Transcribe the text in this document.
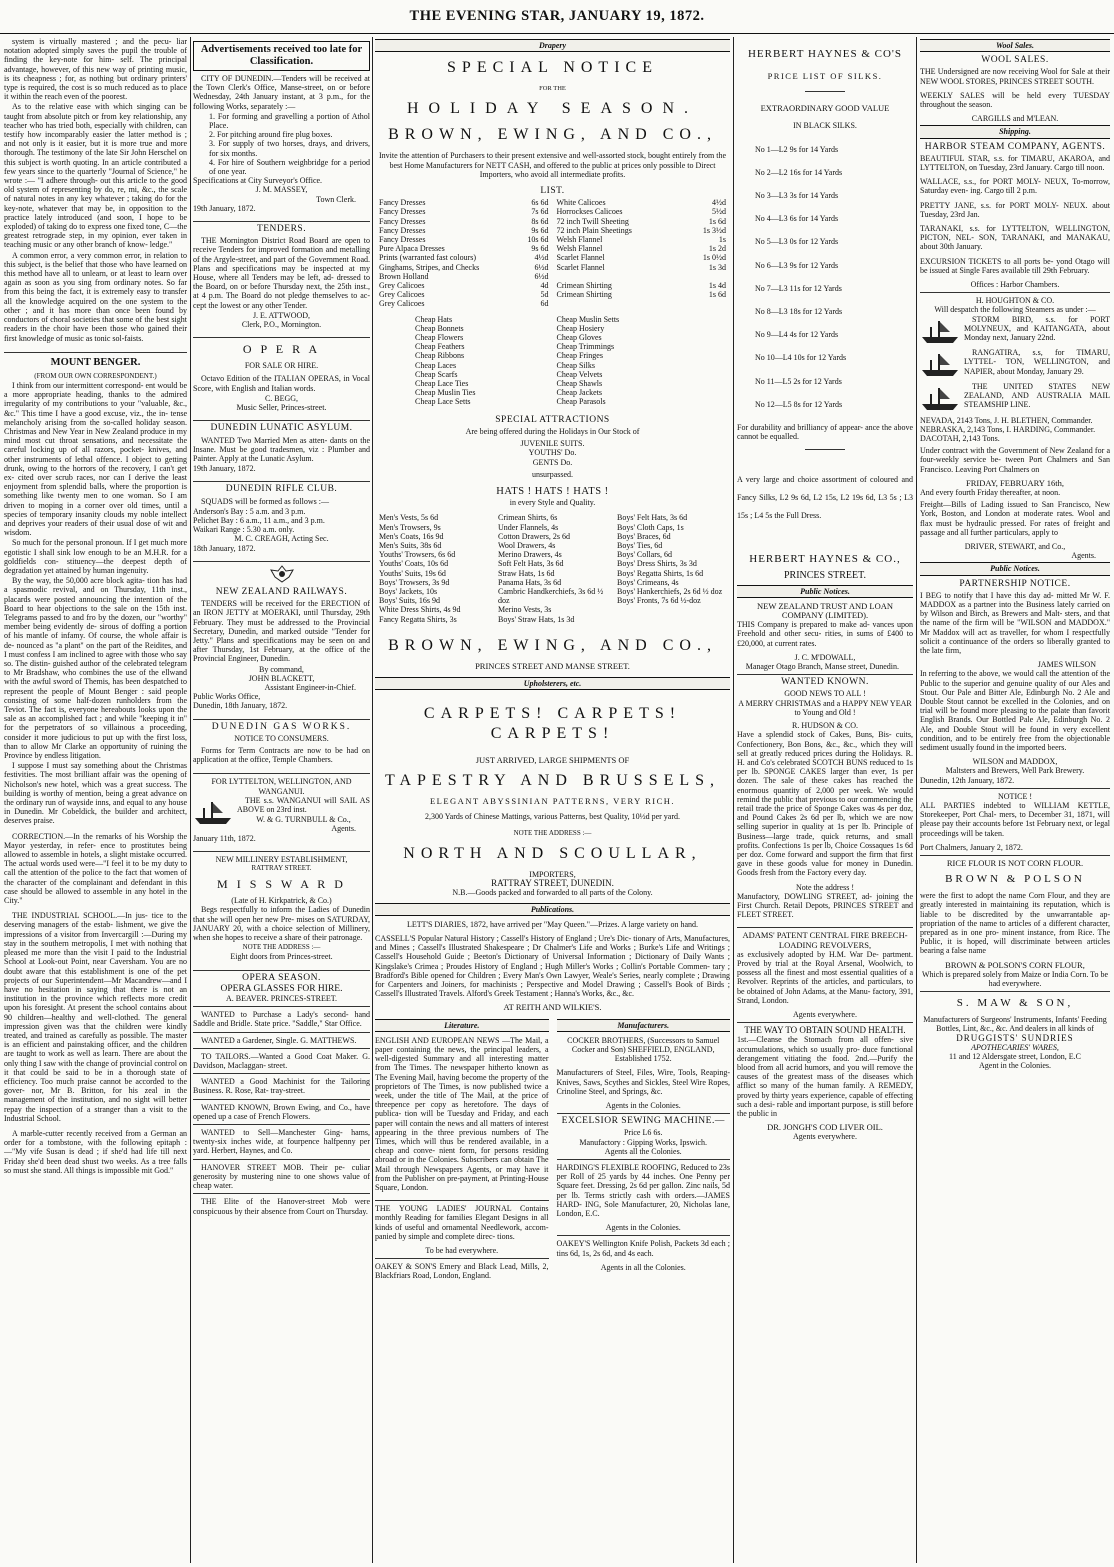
THE EVENING STAR, JANUARY 19, 1872.

system is virtually mastered ; and the pecu- liar notation adopted simply saves the pupil the trouble of finding the key-note for him- self. The principal advantage, however, of this new way of printing music, is its cheapness ; for, as nothing but ordinary printers' type is required, the cost is so much reduced as to place it within the reach even of the poorest.

As to the relative ease with which singing can be taught from absolute pitch or from key relationship, any teacher who has tried both, especially with children, can testify how incomparably easier the latter method is ; and not only is it easier, but it is more true and more thorough. The testimony of the late Sir John Herschel on this subject is worth quoting. In an article contributed a few years since to the quarterly "Journal of Science," he wrote :— "I adhere through- out this article to the good old system of representing by do, re, mi, &c., the scale of natural notes in any key whatever ; taking do for the key-note, whatever that may be, in opposition to the practice lately introduced (and soon, I hope to be exploded) of taking do to express one fixed tone, C—the greatest retrograde step, in my opinion, ever taken in teaching music or any other branch of know- ledge."

A common error, a very common error, in relation to this subject, is the belief that those who have learned on this method have all to unlearn, or at least to learn over again as soon as you sing from ordinary notes. So far from this being the fact, it is extremely easy to transfer all the knowledge acquired on the one system to the other ; and it has more than once been found by conductors of choral societies that some of the best sight readers in the choir have been those who gained their first knowledge of music as tonic sol-faists.

MOUNT BENGER.
(FROM OUR OWN CORRESPONDENT.)

I think from our intermittent correspond- ent would be a more appropriate heading, thanks to the admired irregularity of my contributions to your "valuable, &c., &c." This time I have a good excuse, viz., the in- tense melancholy arising from the so-called holiday season. Christmas and New Year in New Zealand produce in my mind most cut throat sensations, and necessitate the careful locking up of all razors, pocket- knives, and other instruments of lethal offence. I object to getting drunk, owing to the horrors of the recovery, I can't get ex- cited over scrub races, nor can I derive the least enjoyment from splendid balls, where the proportion is something like twenty men to one woman. So I am driven to moping in a corner over old times, until a species of temporary insanity clouds my noble intellect and deprives your readers of their usual dose of wit and wisdom.

So much for the personal pronoun. If I get much more egotistic I shall sink low enough to be an M.H.R. for a goldfields con- stituency—the deepest depth of degradation yet attained by human ingenuity.

By the way, the 50,000 acre block agita- tion has had a spasmodic revival, and on Thursday, 11th inst., placards were posted announcing the intention of the Board to hear objections to the sale on the 15th inst. Telegrams passed to and fro by the dozen, our "worthy" member being evidently de- sirous of doffing a portion of his mantle of infamy. Of course, the whole affair is de- nounced as "a plant" on the part of the Reidites, and I must confess I am inclined to agree with those who say so. The distin- guished author of the celebrated telegram to Mr Bradshaw, who combines the use of the ellwand with the awful sword of Themis, has been despatched to represent the people of Mount Benger : said people consisting of some half-dozen runholders from the Teviot. The fact is, everyone hereabouts looks upon the sale as an accomplished fact ; and while "keeping it in" for the perpetrators of so villainous a proceeding, consider it more judicious to put up with the first loss, than to allow Mr Clarke an opportunity of ruining the Province by endless litigation.

I suppose I must say something about the Christmas festivities. The most brilliant affair was the opening of Nicholson's new hotel, which was a great success. The building is worthy of mention, being a great advance on the ordinary run of wayside inns, and equal to any house in Dunedin. Mr Cobeldick, the builder and architect, deserves praise.

CORRECTION.—In the remarks of his Worship the Mayor yesterday, in refer- ence to prostitutes being allowed to assemble in hotels, a slight mistake occurred. The actual words used were—"I feel it to be my duty to call the attention of the police to the fact that women of the character of the complainant and defendant in this case should be allowed to assemble in any hotel in the City."

THE INDUSTRIAL SCHOOL.—In jus- tice to the deserving managers of the estab- lishment, we give the impressions of a visitor from Invercargill :—During my stay in the southern metropolis, I met with nothing that pleased me more than the visit I paid to the Industrial School at Look-out Point, near Caversham. You are no doubt aware that this establishment is one of the pet projects of our Superintendent—Mr Macandrew—and I have no hesitation in saying that there is not an institution in the province which reflects more credit upon his foresight. At present the school contains about 90 children—healthy and well-clothed. The general impression given was that the children were kindly treated, and trained as carefully as possible. The master is an efficient and painstaking officer, and the children are taught to work as well as learn. There are about the only thing I saw with the change of provincial control on it that could be said to be in a thorough state of efficiency. Too much praise cannot be accorded to the gover- nor, Mr B. Britton, for his zeal in the management of the institution, and no sight will better repay the inspection of a stranger than a visit to the Industrial School.

A marble-cutter recently received from a German an order for a tombstone, with the following epitaph :—"My vife Susan is dead ; if she'd had life till next Friday she'd been dead shust two weeks. As a tree falls so must she stand. All things is impossible mit God."

Advertisements received too late for Classification.

CITY OF DUNEDIN.—Tenders will be received at the Town Clerk's Office, Manse-street, on or before Wednesday, 24th January instant, at 3 p.m., for the following Works, separately :—

1. For forming and gravelling a portion of Athol Place.
2. For pitching around fire plug boxes.
3. For supply of two horses, drays, and drivers, for six months.
4. For hire of Southern weighbridge for a period of one year.
Specifications at City Surveyor's Office.
J. M. MASSEY,
Town Clerk.
19th January, 1872.
TENDERS.

THE Mornington District Road Board are open to receive Tenders for improved formation and metalling of the Argyle-street, and part of the Government Road. Plans and specifications may be inspected at my House, where all Tenders may be left, ad- dressed to the Board, on or before Thursday next, the 25th inst., at 4 p.m. The Board do not pledge themselves to ac- cept the lowest or any other Tender.

J. E. ATTWOOD,
Clerk, P.O., Mornington.
O P E R A
FOR SALE OR HIRE.

Octavo Edition of the ITALIAN OPERAS, in Vocal Score, with English and Italian words.

C. BEGG,
Music Seller, Princes-street.
DUNEDIN LUNATIC ASYLUM.

WANTED Two Married Men as atten- dants on the Insane. Must be good tradesmen, viz : Plumber and Painter. Apply at the Lunatic Asylum.

19th January, 1872.
DUNEDIN RIFLE CLUB.

SQUADS will be formed as follows :—

Anderson's Bay : 5 a.m. and 3 p.m.
Pelichet Bay : 6 a.m., 11 a.m., and 3 p.m.
Waikari Range : 5.30 a.m. only.
M. C. CREAGH, Acting Sec.
18th January, 1872.
NEW ZEALAND RAILWAYS.

TENDERS will be received for the ERECTION of an IRON JETTY at MOERAKI, until Thursday, 29th February. They must be addressed to the Provincial Secretary, Dunedin, and marked outside "Tender for Jetty." Plans and specifications may be seen on and after Thursday, 1st February, at the office of the Provincial Engineer, Dunedin.

By command,
JOHN BLACKETT,
Assistant Engineer-in-Chief.
Public Works Office,
Dunedin, 18th January, 1872.
DUNEDIN GAS WORKS.
NOTICE TO CONSUMERS.

Forms for Term Contracts are now to be had on application at the office, Temple Chambers.

FOR LYTTELTON, WELLINGTON, AND WANGANUI.

THE s.s. WANGANUI will SAIL AS ABOVE on 23rd inst.

W. & G. TURNBULL & Co.,
Agents.
January 11th, 1872.
NEW MILLINERY ESTABLISHMENT,
RATTRAY STREET.
M I S S W A R D
(Late of H. Kirkpatrick, & Co.)

Begs respectfully to inform the Ladies of Dunedin that she will open her new Pre- mises on SATURDAY, JANUARY 20, with a choice selection of Millinery, when she hopes to receive a share of their patronage.

NOTE THE ADDRESS :—
Eight doors from Princes-street.
OPERA SEASON.
OPERA GLASSES FOR HIRE.
A. BEAVER. PRINCES-STREET.

WANTED to Purchase a Lady's second- hand Saddle and Bridle. State price. "Saddle," Star Office.

WANTED a Gardener, Single. G. MATTHEWS.

TO TAILORS.—Wanted a Good Coat Maker. G. Davidson, Maclaggan- street.

WANTED a Good Machinist for the Tailoring Business. R. Rose, Rat- tray-street.

WANTED KNOWN, Brown Ewing, and Co., have opened up a case of French Flowers.

WANTED to Sell—Manchester Ging- hams, twenty-six inches wide, at fourpence halfpenny per yard. Herbert, Haynes, and Co.

HANOVER STREET MOB. Their pe- culiar generosity by mustering nine to one shows value of cheap water.

THE Elite of the Hanover-street Mob were conspicuous by their absence from Court on Thursday.

Drapery
SPECIAL NOTICE
FOR THE
HOLIDAY SEASON.
BROWN, EWING, AND CO.,
Invite the attention of Purchasers to their present extensive and well-assorted stock, bought entirely from the best Home Manufacturers for NETT CASH, and offered to the public at prices only possible to Direct Importers, who avoid all intermediate profits.
LIST.
Fancy Dresses	6s 6d
Fancy Dresses	7s 6d
Fancy Dresses	8s 6d
Fancy Dresses	9s 6d
Fancy Dresses	10s 6d
Pure Alpaca Dresses	9s 6d
Prints (warranted fast colours)	4½d
Ginghams, Stripes, and Checks	6½d
Brown Holland	6½d
Grey Calicoes	4d
Grey Calicoes	5d
Grey Calicoes	6d
White Calicoes	4½d
Horrockses Calicoes	5½d
72 inch Twill Sheeting	1s 6d
72 inch Plain Sheetings	1s 3½d
Welsh Flannel	1s
Welsh Flannel	1s 2d
Scarlet Flannel	1s 0½d
Scarlet Flannel	1s 3d

Crimean Shirting	1s 4d
Crimean Shirting	1s 6d

Cheap Hats
Cheap Bonnets
Cheap Flowers
Cheap Feathers
Cheap Ribbons
Cheap Laces
Cheap Scarfs
Cheap Lace Ties
Cheap Muslin Ties
Cheap Lace Setts
Cheap Muslin Setts
Cheap Hosiery
Cheap Gloves
Cheap Trimmings
Cheap Fringes
Cheap Silks
Cheap Velvets
Cheap Shawls
Cheap Jackets
Cheap Parasols
SPECIAL ATTRACTIONS
Are being offered during the Holidays in Our Stock of
JUVENILE SUITS.
YOUTHS' Do.
GENTS Do.
unsurpassed.
HATS ! HATS ! HATS !
in every Style and Quality.
Men's Vests, 5s 6d
Men's Trowsers, 9s
Men's Coats, 16s 9d
Men's Suits, 38s 6d
Youths' Trowsers, 6s 6d
Youths' Coats, 10s 6d
Youths' Suits, 19s 6d
Boys' Trowsers, 3s 9d
Boys' Jackets, 10s
Boys' Suits, 16s 9d
White Dress Shirts, 4s 9d
Fancy Regatta Shirts, 3s
Crimean Shirts, 6s
Under Flannels, 4s
Cotton Drawers, 2s 6d
Wool Drawers, 4s
Merino Drawers, 4s
Soft Felt Hats, 3s 6d
Straw Hats, 1s 6d
Panama Hats, 3s 6d
Cambric Handkerchiefs, 3s 6d ½ doz
Merino Vests, 3s
Boys' Straw Hats, 1s 3d
Boys' Felt Hats, 3s 6d
Boys' Cloth Caps, 1s
Boys' Braces, 6d
Boys' Ties, 6d
Boys' Collars, 6d
Boys' Dress Shirts, 3s 3d
Boys' Regatta Shirts, 1s 6d
Boys' Crimeans, 4s
Boys' Hankerchiefs, 2s 6d ½ doz
Boys' Fronts, 7s 6d ½-doz
BROWN, EWING, AND CO.,
PRINCES STREET AND MANSE STREET.
Upholsterers, etc.
CARPETS! CARPETS! CARPETS!
JUST ARRIVED, LARGE SHIPMENTS OF
TAPESTRY AND BRUSSELS,
ELEGANT ABYSSINIAN PATTERNS, VERY RICH.
2,300 Yards of Chinese Mattings, various Patterns, best Quality, 10½d per yard.
NOTE THE ADDRESS :—
NORTH AND SCOULLAR,
IMPORTERS,
RATTRAY STREET, DUNEDIN.
N.B.—Goods packed and forwarded to all parts of the Colony.
Publications.
LETT'S DIARIES, 1872, have arrived per "May Queen."—Prizes. A large variety on hand.
CASSELL'S Popular Natural History ; Cassell's History of England ; Ure's Dic- tionary of Arts, Manufactures, and Mines ; Cassell's Illustrated Shakespeare ; Dr Chalmer's Life and Works ; Burke's Life and Writings ; Cassell's Household Guide ; Beeton's Dictionary of Universal Information ; Dictionary of Daily Wants ; Kingslake's Crimea ; Proudes History of England ; Hugh Miller's Works ; Collin's Portable Commen- tary ; Bradford's Bible opened for Children ; Every Man's Own Lawyer, Weale's Series, nearly complete ; Drawing for Carpenters and Joiners, for machinists ; Perspective and Model Drawing ; Cassell's Book of Birds ; Cassell's Illustrated Travels. Alford's Greek Testament ; Hanna's Works, &c., &c.
AT REITH AND WILKIE'S.
Literature.
ENGLISH AND EUROPEAN NEWS —The Mail, a paper containing the news, the principal leaders, a well-digested Summary and all interesting matter from The Times. The newspaper hitherto known as The Evening Mail, having become the property of the proprietors of The Times, is now published twice a week, under the title of The Mail, at the price of threepence per copy as heretofore. The days of publica- tion will be Tuesday and Friday, and each paper will contain the news and all matters of interest appearing in the three previous numbers of The Times, which will thus be rendered available, in a cheap and conve- nient form, for persons residing abroad or in the Colonies. Subscribers can obtain The Mail through Newspapers Agents, or may have it from the Publisher on pre-payment, at Printing-House Square, London.
THE YOUNG LADIES' JOURNAL Contains monthly Reading for families Elegant Designs in all kinds of useful and ornamental Needlework, accom- panied by simple and complete direc- tions.
To be had everywhere.
OAKEY & SON'S Emery and Black Lead, Mills, 2, Blackfriars Road, London, England.
Manufacturers.
COCKER BROTHERS, (Successors to Samuel Cocker and Son) SHEFFIELD, ENGLAND, Established 1752.
Manufacturers of Steel, Files, Wire, Tools, Reaping-Knives, Saws, Scythes and Sickles, Steel Wire Ropes, Crinoline Steel, and Springs, &c.
Agents in the Colonies.
EXCELSIOR SEWING MACHINE.—
Price L6 6s.
Manufactory : Gipping Works, Ipswich.
Agents all the Colonies.
HARDING'S FLEXIBLE ROOFING, Reduced to 23s per Roll of 25 yards by 44 inches. One Penny per Square feet. Dressing, 2s 6d per gallon. Zinc nails, 5d per lb. Terms strictly cash with orders.—JAMES HARD- ING, Sole Manufacturer, 20, Nicholas lane, London, E.C.
Agents in the Colonies.
OAKEY'S Wellington Knife Polish, Packets 3d each ; tins 6d, 1s, 2s 6d, and 4s each.
Agents in all the Colonies.
HERBERT HAYNES & CO'S
PRICE LIST OF SILKS.
EXTRAORDINARY GOOD VALUE
IN BLACK SILKS.
No 1—L2 9s for 14 Yards
No 2—L2 16s for 14 Yards
No 3—L3 3s for 14 Yards
No 4—L3 6s for 14 Yards
No 5—L3 0s for 12 Yards
No 6—L3 9s for 12 Yards
No 7—L3 11s for 12 Yards
No 8—L3 18s for 12 Yards
No 9—L4 4s for 12 Yards
No 10—L4 10s for 12 Yards
No 11—L5 2s for 12 Yards
No 12—L5 8s for 12 Yards
For durability and brilliancy of appear- ance the above cannot be equalled.
A very large and choice assortment of coloured and Fancy Silks, L2 9s 6d, L2 15s, L2 19s 6d, L3 5s ; L3 15s ; L4 5s the Full Dress.
HERBERT HAYNES & CO.,
PRINCES STREET.
Public Notices.
NEW ZEALAND TRUST AND LOAN COMPANY (LIMITED).
THIS Company is prepared to make ad- vances upon Freehold and other secu- rities, in sums of £400 to £20,000, at current rates.
J. C. M'DOWALL,
Manager Otago Branch, Manse street, Dunedin.
WANTED KNOWN.
GOOD NEWS TO ALL !
A MERRY CHRISTMAS and a HAPPY NEW YEAR to Young and Old !
R. HUDSON & CO.
Have a splendid stock of Cakes, Buns, Bis- cuits, Confectionery, Bon Bons, &c., &c., which they will sell at greatly reduced prices during the Holidays. R. H. and Co's celebrated SCOTCH BUNS reduced to 1s per lb. SPONGE CAKES larger than ever, 1s per dozen. The sale of these cakes has reached the enormous quantity of 2,000 per week. We would remind the public that previous to our commencing the retail trade the price of Sponge Cakes was 4s per doz, and Pound Cakes 2s 6d per lb, which we are now selling superior in quality at 1s per lb. Principle of Business—large trade, quick returns, and small profits. Confections 1s per lb, Choice Cossaques 1s 6d per doz. Come forward and support the firm that first gave in these goods value for money in Dunedin. Goods fresh from the Factory every day.
Note the address !
Manufactory, DOWLING STREET, ad- joining the First Church. Retail Depots, PRINCES STREET and FLEET STREET.
ADAMS' PATENT CENTRAL FIRE BREECH-LOADING REVOLVERS,
as exclusively adopted by H.M. War De- partment. Proved by trial at the Royal Arsenal, Woolwich, to possess all the finest and most essential qualities of a Revolver. Reprints of the articles, and particulars, to be obtained of John Adams, at the Manu- factory, 391, Strand, London.
Agents everywhere.
THE WAY TO OBTAIN SOUND HEALTH.
1st.—Cleanse the Stomach from all offen- sive accumulations, which so usually pro- duce functional derangement vitiating the food. 2nd.—Purify the blood from all acrid humors, and you will remove the causes of the greatest mass of the diseases which afflict so many of the human family. A REMEDY, proved by thirty years experience, capable of effecting such a desi- rable and important purpose, is still before the public in
DR. JONGH'S COD LIVER OIL.
Agents everywhere.
Wool Sales.
WOOL SALES.
THE Undersigned are now receiving Wool for Sale at their NEW WOOL STORES, PRINCES STREET SOUTH.
WEEKLY SALES will be held every TUESDAY throughout the season.
CARGILLS and M'LEAN.
Shipping.
HARBOR STEAM COMPANY, AGENTS.
BEAUTIFUL STAR, s.s. for TIMARU, AKAROA, and LYTTELTON, on Tuesday, 23rd January. Cargo till noon.
WALLACE, s.s., for PORT MOLY- NEUX, To-morrow, Saturday even- ing. Cargo till 2 p.m.
PRETTY JANE, s.s. for PORT MOLY- NEUX. about Tuesday, 23rd Jan.
TARANAKI, s.s. for LYTTELTON, WELLINGTON, PICTON, NEL- SON, TARANAKI, and MANAKAU, about 30th January.
EXCURSION TICKETS to all ports be- yond Otago will be issued at Single Fares available till 29th February.
Offices : Harbor Chambers.
H. HOUGHTON & CO.
Will despatch the following Steamers as under :—

STORM BIRD, s.s. for PORT MOLYNEUX, and KAITANGATA, about Monday next, January 22nd.

RANGATIRA, s.s, for TIMARU, LYTTEL- TON, WELLINGTON, and NAPIER, about Monday, January 29.

THE UNITED STATES NEW ZEALAND, AND AUSTRALIA MAIL STEAMSHIP LINE.

NEVADA, 2143 Tons, J. H. BLETHEN, Commander.
NEBRASKA, 2,143 Tons, I. HARDING, Commander.
DACOTAH, 2,143 Tons.
Under contract with the Government of New Zealand for a four-weekly service be- tween Port Chalmers and San Francisco. Leaving Port Chalmers on
FRIDAY, FEBRUARY 16th,
And every fourth Friday thereafter, at noon.
Freight—Bills of Lading issued to San Francisco, New York, Boston, and London at moderate rates. Wool and flax must be hydraulic pressed. For rates of freight and passage and all further particulars, apply to
DRIVER, STEWART, and Co.,
Agents.
Public Notices.
PARTNERSHIP NOTICE.
I BEG to notify that I have this day ad- mitted Mr W. F. MADDOX as a partner into the Business lately carried on by Wilson and Birch, as Brewers and Malt- sters, and that the name of the firm will be "WILSON and MADDOX." Mr Maddox will act as traveller, for whom I respectfully solicit a continuance of the orders so liberally granted to the late firm,
JAMES WILSON
In referring to the above, we would call the attention of the Public to the superior and genuine quality of our Ales and Stout. Our Pale and Bitter Ale, Edinburgh No. 2 Ale and Double Stout cannot be excelled in the Colonies, and on trial will be found more pleasing to the palate than favorit English Brands. Our Bottled Pale Ale, Edinburgh No. 2 Ale, and Double Stout will be found in very excellent condition, and to be entirely free from the objectionable sediment usually found in the imported beers.
WILSON and MADDOX,
Maltsters and Brewers, Well Park Brewery.
Dunedin, 12th January, 1872.
NOTICE !
ALL PARTIES indebted to WILLIAM KETTLE, Storekeeper, Port Chal- mers, to December 31, 1871, will please pay their accounts before 1st February next, or legal proceedings will be taken.
Port Chalmers, January 2, 1872.
RICE FLOUR IS NOT CORN FLOUR.
BROWN & POLSON
were the first to adopt the name Corn Flour, and they are greatly interested in maintaining its reputation, which is liable to be discredited by the unwarrantable ap- propriation of the name to articles of a different character, prepared as in one pro- minent instance, from Rice. The Public, it is hoped, will discriminate between articles bearing a false name
BROWN & POLSON'S CORN FLOUR,
Which is prepared solely from Maize or India Corn. To be had everywhere.
S. MAW & SON,
Manufacturers of Surgeons' Instruments, Infants' Feeding Bottles, Lint, &c., &c. And dealers in all kinds of
DRUGGISTS' SUNDRIES
APOTHECARIES' WARES,
11 and 12 Aldersgate street, London, E.C
Agent in the Colonies.
